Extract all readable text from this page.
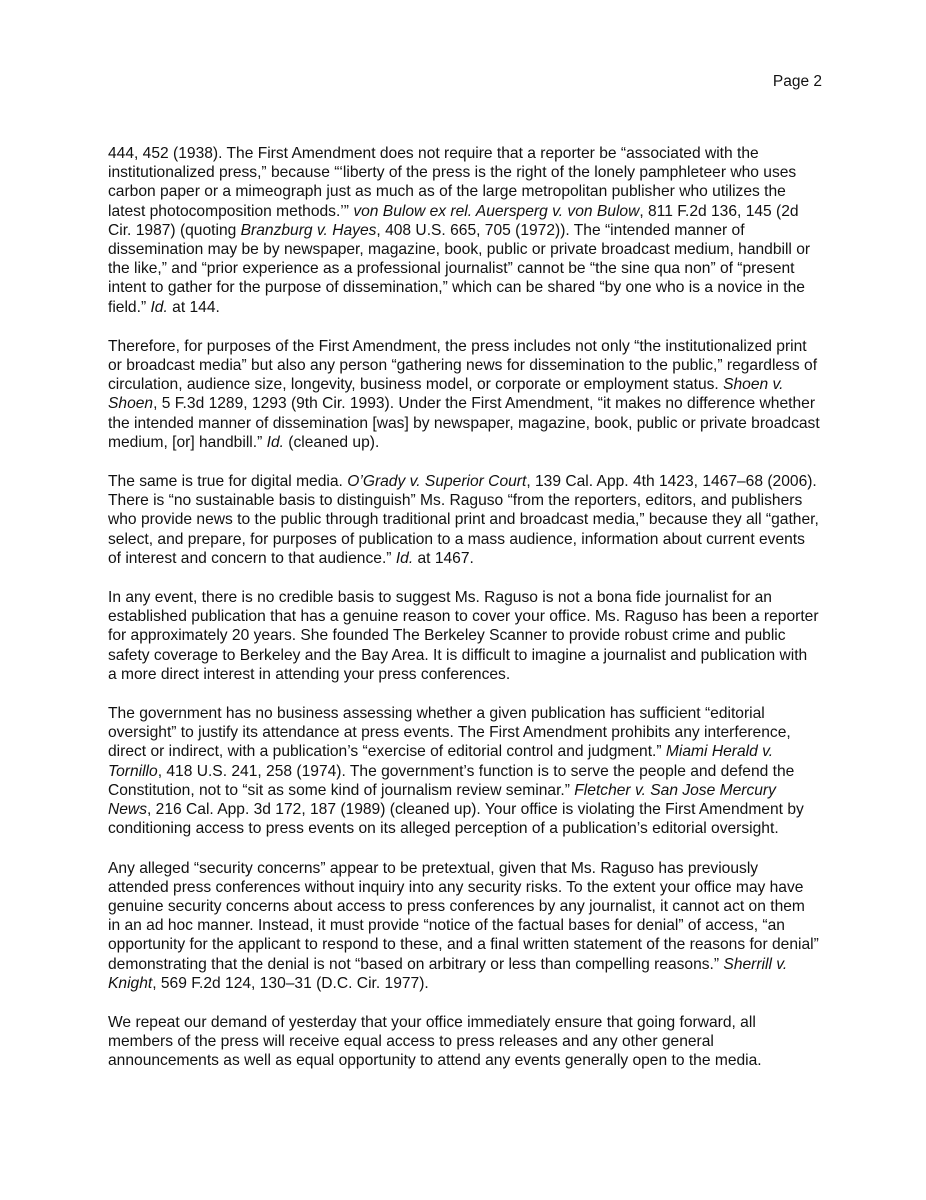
Page 2

444, 452 (1938). The First Amendment does not require that a reporter be “associated with the institutionalized press,” because “‘liberty of the press is the right of the lonely pamphleteer who uses carbon paper or a mimeograph just as much as of the large metropolitan publisher who utilizes the latest photocomposition methods.’” von Bulow ex rel. Auersperg v. von Bulow, 811 F.2d 136, 145 (2d Cir. 1987) (quoting Branzburg v. Hayes, 408 U.S. 665, 705 (1972)). The “intended manner of dissemination may be by newspaper, magazine, book, public or private broadcast medium, handbill or the like,” and “prior experience as a professional journalist” cannot be “the sine qua non” of “present intent to gather for the purpose of dissemination,” which can be shared “by one who is a novice in the field.” Id. at 144.

Therefore, for purposes of the First Amendment, the press includes not only “the institutionalized print or broadcast media” but also any person “gathering news for dissemination to the public,” regardless of circulation, audience size, longevity, business model, or corporate or employment status. Shoen v. Shoen, 5 F.3d 1289, 1293 (9th Cir. 1993). Under the First Amendment, “it makes no difference whether the intended manner of dissemination [was] by newspaper, magazine, book, public or private broadcast medium, [or] handbill.” Id. (cleaned up).

The same is true for digital media. O’Grady v. Superior Court, 139 Cal. App. 4th 1423, 1467–68 (2006). There is “no sustainable basis to distinguish” Ms. Raguso “from the reporters, editors, and publishers who provide news to the public through traditional print and broadcast media,” because they all “gather, select, and prepare, for purposes of publication to a mass audience, information about current events of interest and concern to that audience.” Id. at 1467.

In any event, there is no credible basis to suggest Ms. Raguso is not a bona fide journalist for an established publication that has a genuine reason to cover your office. Ms. Raguso has been a reporter for approximately 20 years. She founded The Berkeley Scanner to provide robust crime and public safety coverage to Berkeley and the Bay Area. It is difficult to imagine a journalist and publication with a more direct interest in attending your press conferences.

The government has no business assessing whether a given publication has sufficient “editorial oversight” to justify its attendance at press events. The First Amendment prohibits any interference, direct or indirect, with a publication’s “exercise of editorial control and judgment.” Miami Herald v. Tornillo, 418 U.S. 241, 258 (1974). The government’s function is to serve the people and defend the Constitution, not to “sit as some kind of journalism review seminar.” Fletcher v. San Jose Mercury News, 216 Cal. App. 3d 172, 187 (1989) (cleaned up). Your office is violating the First Amendment by conditioning access to press events on its alleged perception of a publication’s editorial oversight.

Any alleged “security concerns” appear to be pretextual, given that Ms. Raguso has previously attended press conferences without inquiry into any security risks. To the extent your office may have genuine security concerns about access to press conferences by any journalist, it cannot act on them in an ad hoc manner. Instead, it must provide “notice of the factual bases for denial” of access, “an opportunity for the applicant to respond to these, and a final written statement of the reasons for denial” demonstrating that the denial is not “based on arbitrary or less than compelling reasons.” Sherrill v. Knight, 569 F.2d 124, 130–31 (D.C. Cir. 1977).

We repeat our demand of yesterday that your office immediately ensure that going forward, all members of the press will receive equal access to press releases and any other general announcements as well as equal opportunity to attend any events generally open to the media.
